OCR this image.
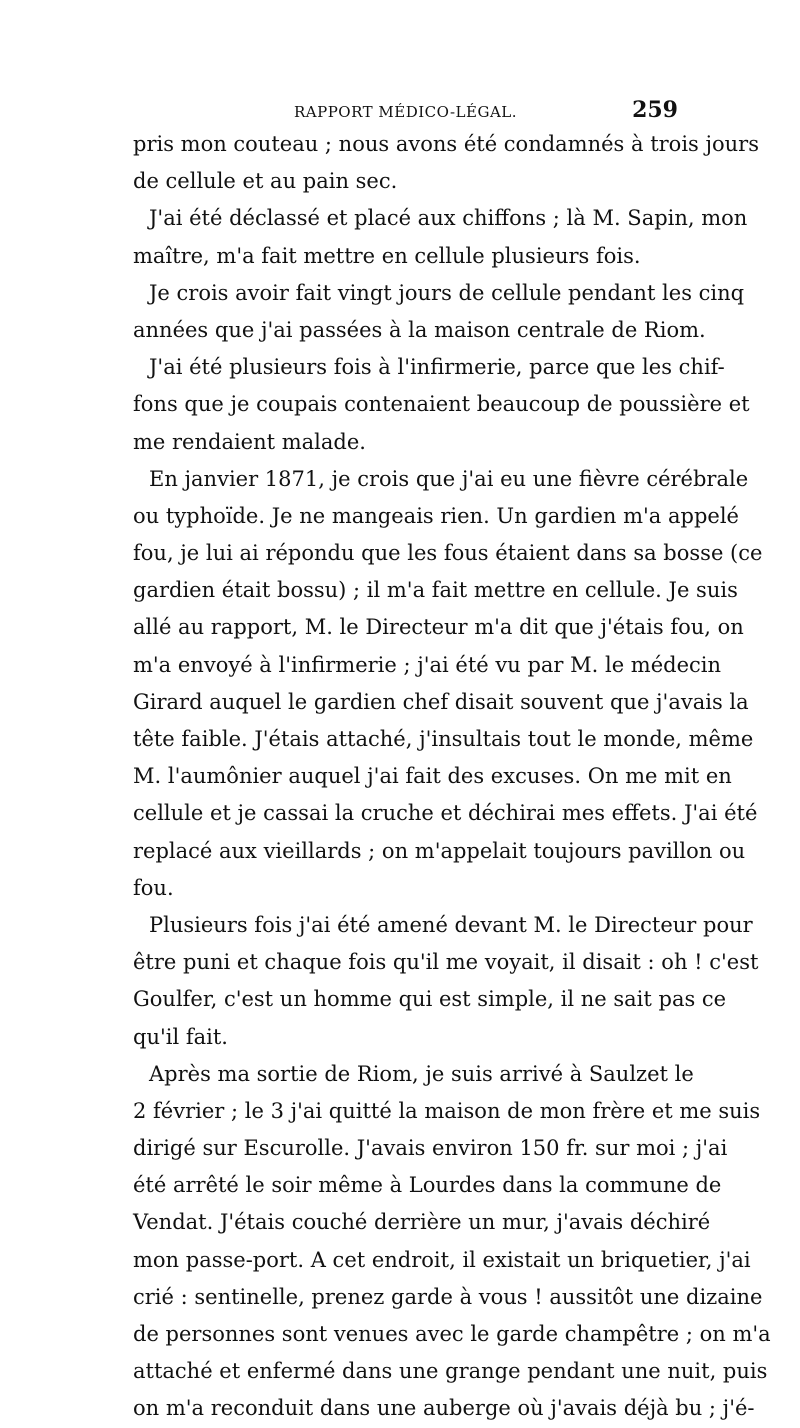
RAPPORT MÉDICO-LÉGAL.	259
pris mon couteau ; nous avons été condamnés à trois jours
de cellule et au pain sec.
J'ai été déclassé et placé aux chiffons ; là M. Sapin, mon
maître, m'a fait mettre en cellule plusieurs fois.
Je crois avoir fait vingt jours de cellule pendant les cinq
années que j'ai passées à la maison centrale de Riom.
J'ai été plusieurs fois à l'infirmerie, parce que les chif-
fons que je coupais contenaient beaucoup de poussière et
me rendaient malade.
En janvier 1871, je crois que j'ai eu une fièvre cérébrale
ou typhoïde. Je ne mangeais rien. Un gardien m'a appelé
fou, je lui ai répondu que les fous étaient dans sa bosse (ce
gardien était bossu) ; il m'a fait mettre en cellule. Je suis
allé au rapport, M. le Directeur m'a dit que j'étais fou, on
m'a envoyé à l'infirmerie ; j'ai été vu par M. le médecin
Girard auquel le gardien chef disait souvent que j'avais la
tête faible. J'étais attaché, j'insultais tout le monde, même
M. l'aumônier auquel j'ai fait des excuses. On me mit en
cellule et je cassai la cruche et déchirai mes effets. J'ai été
replacé aux vieillards ; on m'appelait toujours pavillon ou
fou.
Plusieurs fois j'ai été amené devant M. le Directeur pour
être puni et chaque fois qu'il me voyait, il disait : oh ! c'est
Goulfer, c'est un homme qui est simple, il ne sait pas ce
qu'il fait.
Après ma sortie de Riom, je suis arrivé à Saulzet le
2 février ; le 3 j'ai quitté la maison de mon frère et me suis
dirigé sur Escurolle. J'avais environ 150 fr. sur moi ; j'ai
été arrêté le soir même à Lourdes dans la commune de
Vendat. J'étais couché derrière un mur, j'avais déchiré
mon passe-port. A cet endroit, il existait un briquetier, j'ai
crié : sentinelle, prenez garde à vous ! aussitôt une dizaine
de personnes sont venues avec le garde champêtre ; on m'a
attaché et enfermé dans une grange pendant une nuit, puis
on m'a reconduit dans une auberge où j'avais déjà bu ; j'é-
